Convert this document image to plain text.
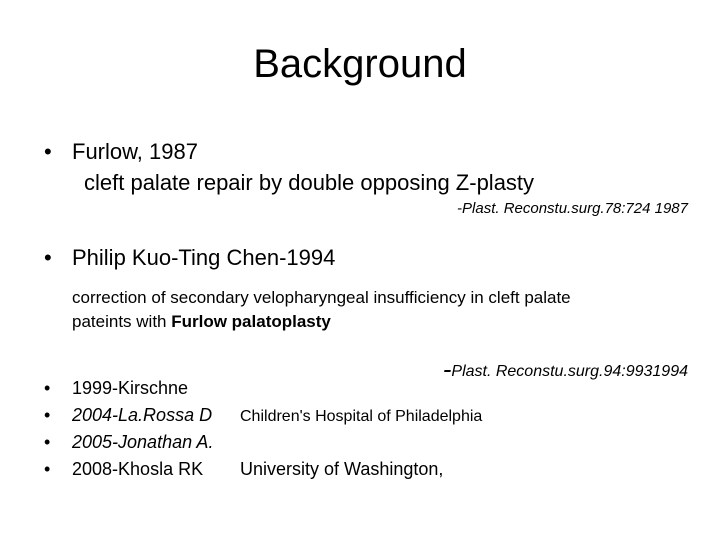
Background
• Furlow, 1987
cleft palate repair by double opposing Z-plasty
-Plast. Reconstu.surg.78:724 1987
• Philip Kuo-Ting Chen-1994
correction of secondary velopharyngeal insufficiency in cleft palate
pateints with Furlow palatoplasty
-Plast. Reconstu.surg.94:9931994
• 1999-Kirschne
• 2004-La.Rossa D Children's Hospital of Philadelphia
• 2005-Jonathan A.
• 2008-Khosla RK University of Washington,
